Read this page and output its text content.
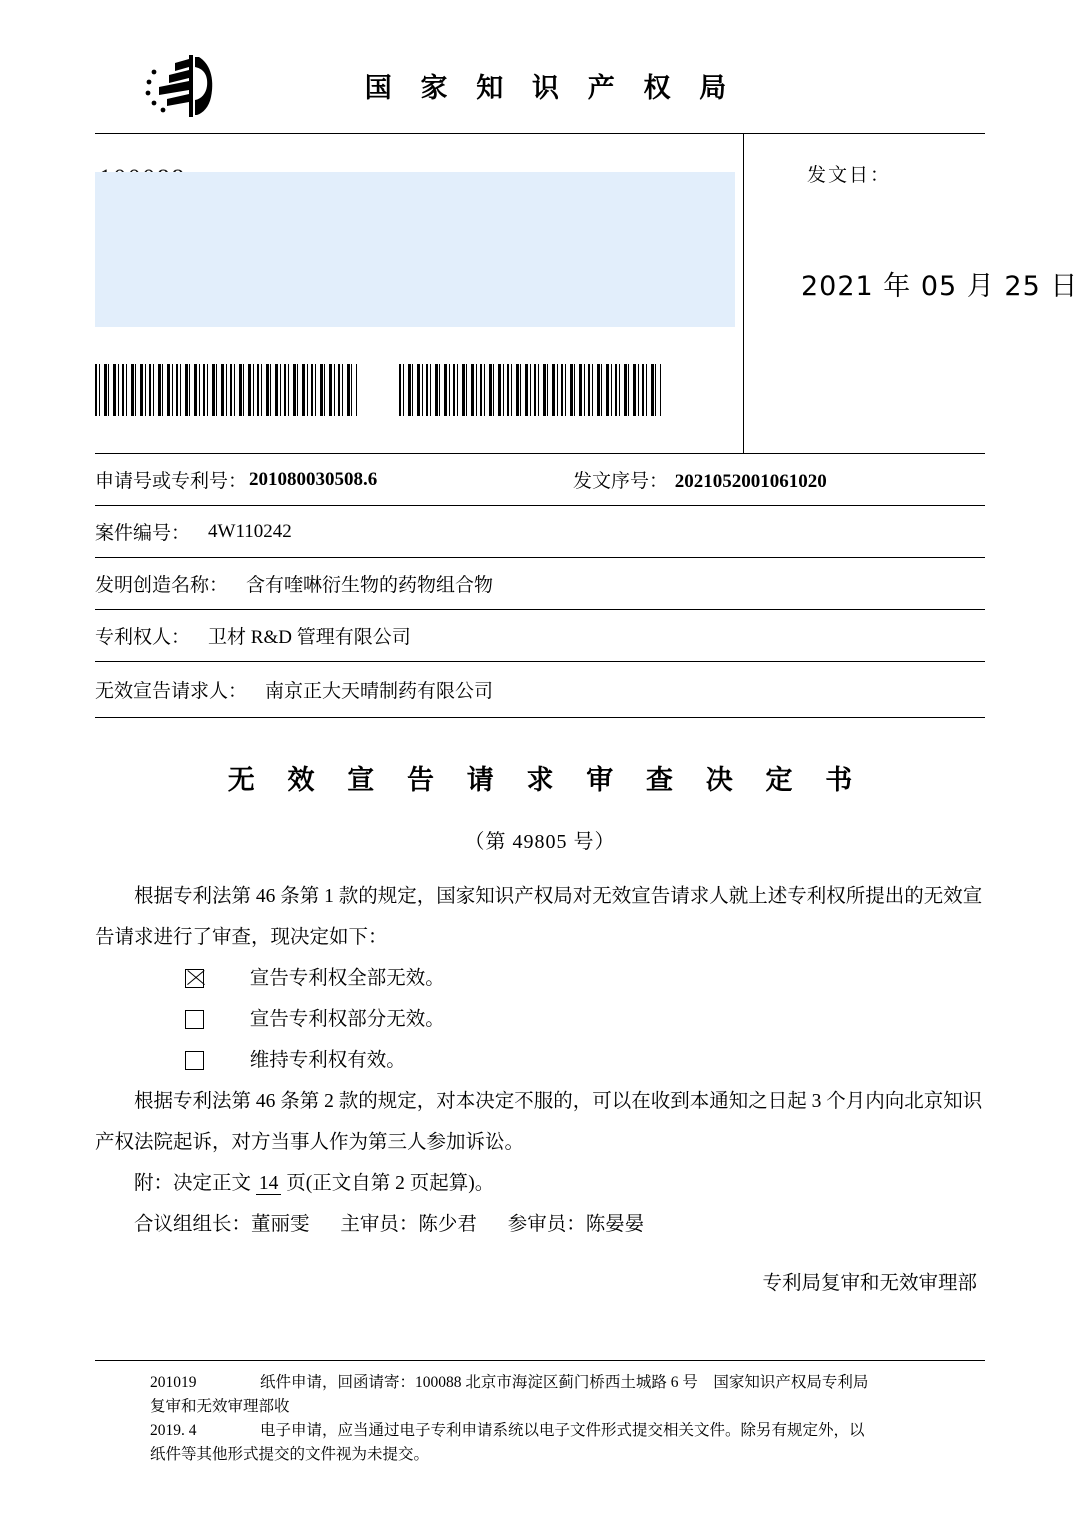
国 家 知 识 产 权 局
发文日：
2021 年 05 月 25 日
申请号或专利号： 201080030508.6	发文序号： 2021052001061020
案件编号： 4W110242
发明创造名称： 含有喹啉衍生物的药物组合物
专利权人： 卫材 R&D 管理有限公司
无效宣告请求人： 南京正大天晴制药有限公司
无 效 宣 告 请 求 审 查 决 定 书
（第 49805 号）

根据专利法第 46 条第 1 款的规定，国家知识产权局对无效宣告请求人就上述专利权所提出的无效宣告请求进行了审查，现决定如下：

宣告专利权全部无效。

宣告专利权部分无效。

维持专利权有效。

根据专利法第 46 条第 2 款的规定，对本决定不服的，可以在收到本通知之日起 3 个月内向北京知识产权法院起诉，对方当事人作为第三人参加诉讼。

附：决定正文 14 页(正文自第 2 页起算)。

合议组组长：董丽雯 主审员：陈少君 参审员：陈晏晏

专利局复审和无效审理部
201019	纸件申请，回函请寄：100088 北京市海淀区蓟门桥西土城路 6 号　国家知识产权局专利局
复审和无效审理部收
2019. 4	电子申请，应当通过电子专利申请系统以电子文件形式提交相关文件。除另有规定外，以
纸件等其他形式提交的文件视为未提交。
